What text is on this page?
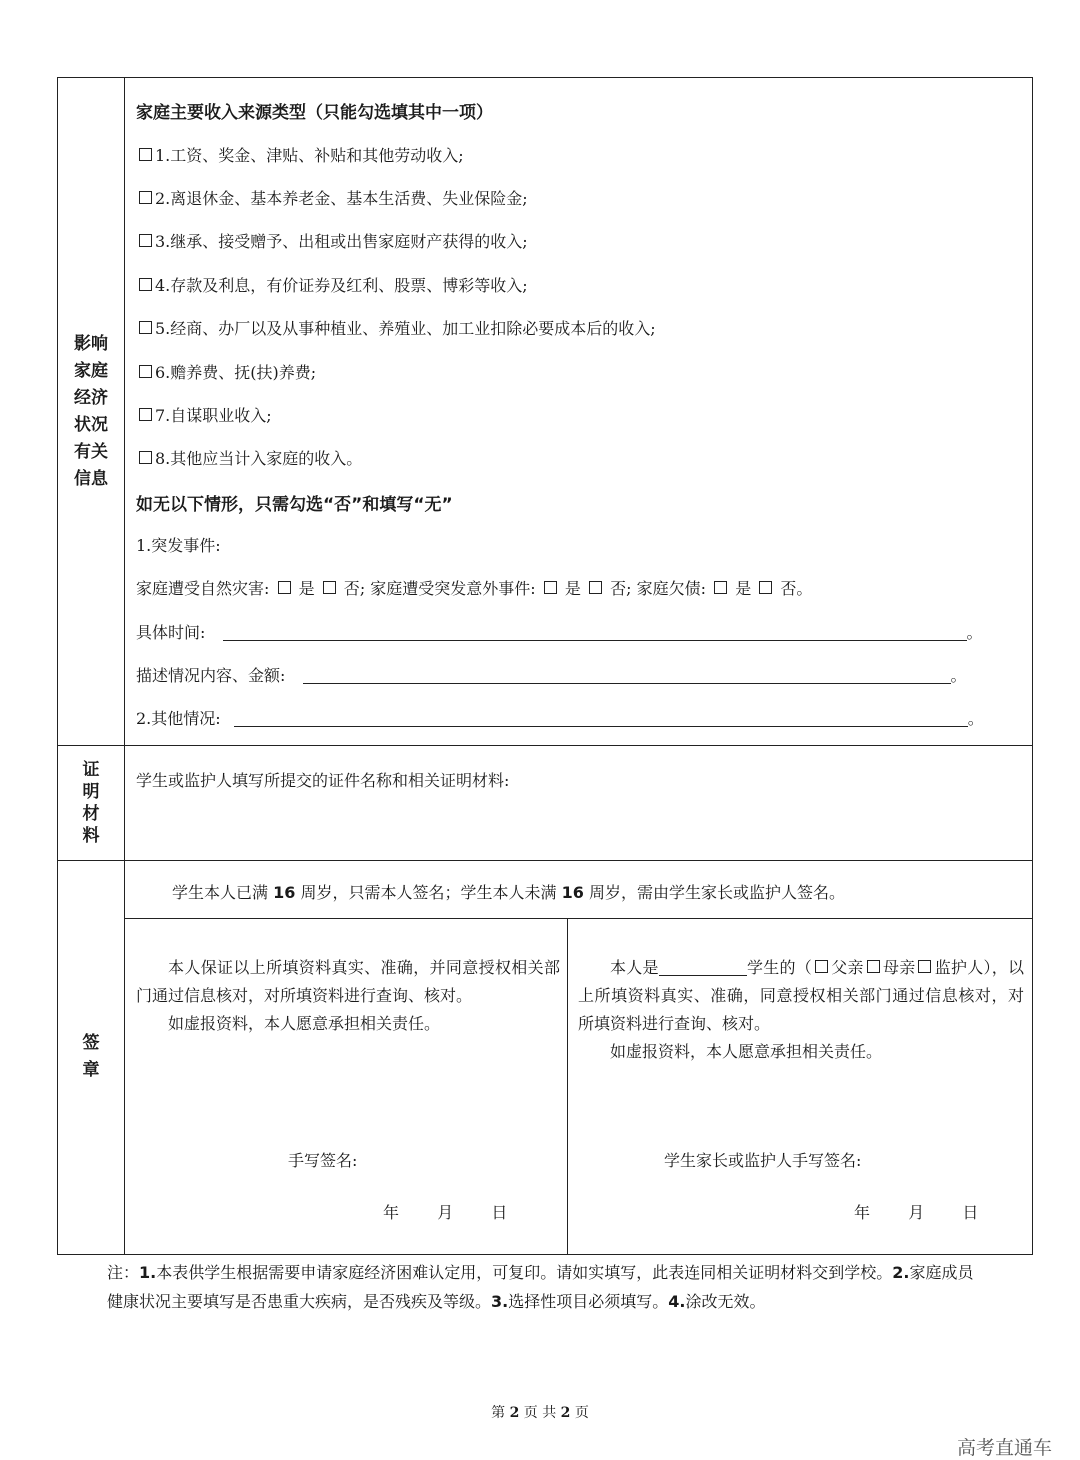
影响家庭经济状况有关信息
家庭主要收入来源类型（只能勾选填其中一项）
1.工资、奖金、津贴、补贴和其他劳动收入;
2.离退休金、基本养老金、基本生活费、失业保险金;
3.继承、接受赠予、出租或出售家庭财产获得的收入;
4.存款及利息，有价证券及红利、股票、博彩等收入;
5.经商、办厂以及从事种植业、养殖业、加工业扣除必要成本后的收入;
6.赡养费、抚(扶)养费;
7.自谋职业收入;
8.其他应当计入家庭的收入。
如无以下情形，只需勾选“否”和填写“无”
1.突发事件:
家庭遭受自然灾害: 是 否; 家庭遭受突发意外事件: 是 否; 家庭欠债: 是 否。
具体时间:	。
描述情况内容、金额:	。
2.其他情况:	。
证明材料
学生或监护人填写所提交的证件名称和相关证明材料:
签章
学生本人已满 16 周岁，只需本人签名；学生本人未满 16 周岁，需由学生家长或监护人签名。
本人保证以上所填资料真实、准确，并同意授权相关部门通过信息核对，对所填资料进行查询、核对。
如虚报资料，本人愿意承担相关责任。
手写签名:
年 月 日
本人是	学生的（ 父亲 母亲 监护人），以上所填资料真实、准确，同意授权相关部门通过信息核对，对所填资料进行查询、核对。
如虚报资料，本人愿意承担相关责任。
学生家长或监护人手写签名:
年 月 日
注：1.本表供学生根据需要申请家庭经济困难认定用，可复印。请如实填写，此表连同相关证明材料交到学校。2.家庭成员健康状况主要填写是否患重大疾病，是否残疾及等级。3.选择性项目必须填写。4.涂改无效。
第 2 页 共 2 页
高考直通车
